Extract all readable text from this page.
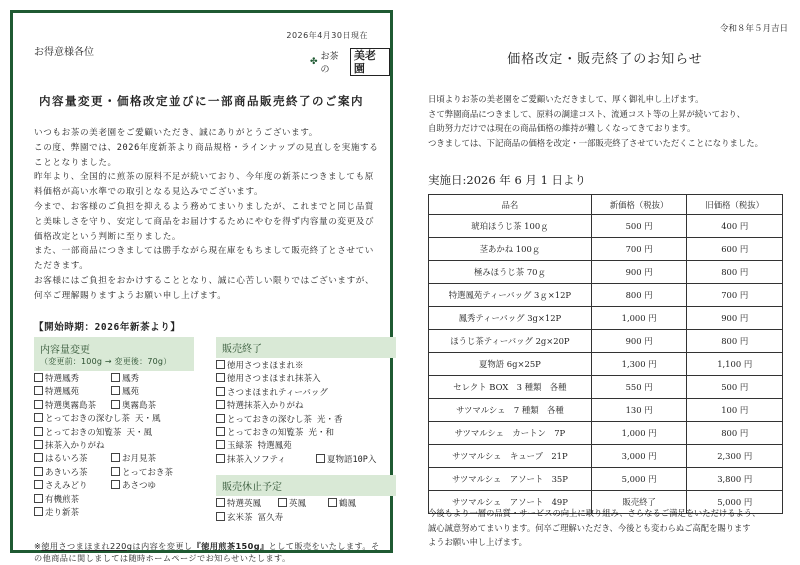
2026年4月30日現在
お得意様各位
✤ お茶の
美老園
内容量変更・価格改定並びに一部商品販売終了のご案内

いつもお茶の美老園をご愛顧いただき、誠にありがとうございます。

この度、弊園では、2026年度新茶より商品規格・ラインナップの見直しを実施することとなりました。

昨年より、全国的に煎茶の原料不足が続いており、今年度の新茶につきましても原料価格が高い水準での取引となる見込みでございます。

今まで、お客様のご負担を抑えるよう務めてまいりましたが、これまでと同じ品質と美味しさを守り、安定して商品をお届けするためにやむを得ず内容量の変更及び価格改定という判断に至りました。

また、一部商品につきましては勝手ながら現在庫をもちまして販売終了とさせていただきます。

お客様にはご負担をおかけすることとなり、誠に心苦しい限りではございますが、何卒ご理解賜りますようお願い申し上げます。

【開始時期：2026年新茶より】
内容量変更
（変更前：100g → 変更後：70g）
特選鳳秀	鳳秀
特選鳳苑	鳳苑
特選奥霧島茶	奥霧島茶
とっておきの深むし茶 天・風
とっておきの知覧茶 天・風
抹茶入かりがね
はるいろ茶	お月見茶
あきいろ茶	とっておき茶
さえみどり	あさつゆ
有機煎茶
走り新茶
販売終了
徳用さつまほまれ※
徳用さつまほまれ抹茶入
さつまほまれティーバッグ
特選抹茶入かりがね
とっておきの深むし茶 光・香
とっておきの知覧茶 光・和
玉緑茶 特選鳳苑
抹茶入ソフティ	夏物語10P入
販売休止予定
特選英鳳	英鳳	鶴鳳
玄米茶 冨久寿
※徳用さつまほまれ220gは内容を変更し『徳用煎茶150g』として販売をいたします。その他商品に関しましては随時ホームページでお知らせいたします。
令和８年５月吉日
価格改定・販売終了のお知らせ

日頃よりお茶の美老園をご愛顧いただきまして、厚く御礼申し上げます。

さて弊園商品につきまして、原料の調達コスト、流通コスト等の上昇が続いており、

自助努力だけでは現在の商品価格の維持が難しくなってきております。

つきましては、下記商品の価格を改定・一部販売終了させていただくことになりました。

実施日:2026 年 6 月 1 日より
品名	新価格（税抜）	旧価格（税抜）
琥珀ほうじ茶 100ｇ	500 円	400 円
茎あかね 100ｇ	700 円	600 円
極みほうじ茶 70ｇ	900 円	800 円
特選鳳苑ティーバッグ 3ｇ×12P	800 円	700 円
鳳秀ティーバッグ 3g×12P	1,000 円	900 円
ほうじ茶ティーバッグ 2g×20P	900 円	800 円
夏物語 6g×25P	1,300 円	1,100 円
セレクト BOX　3 種類　各種	550 円	500 円
サツマルシェ　7 種類　各種	130 円	100 円
サツマルシェ　カートン　7P	1,000 円	800 円
サツマルシェ　キューブ　21P	3,000 円	2,300 円
サツマルシェ　アソート　35P	5,000 円	3,800 円
サツマルシェ　アソート　49P	販売終了	5,000 円

今後もより一層の品質・サービスの向上に取り組み、さらなるご満足をいただけるよう、

誠心誠意努めてまいります。何卒ご理解いただき、今後とも変わらぬご高配を賜ります

ようお願い申し上げます。
